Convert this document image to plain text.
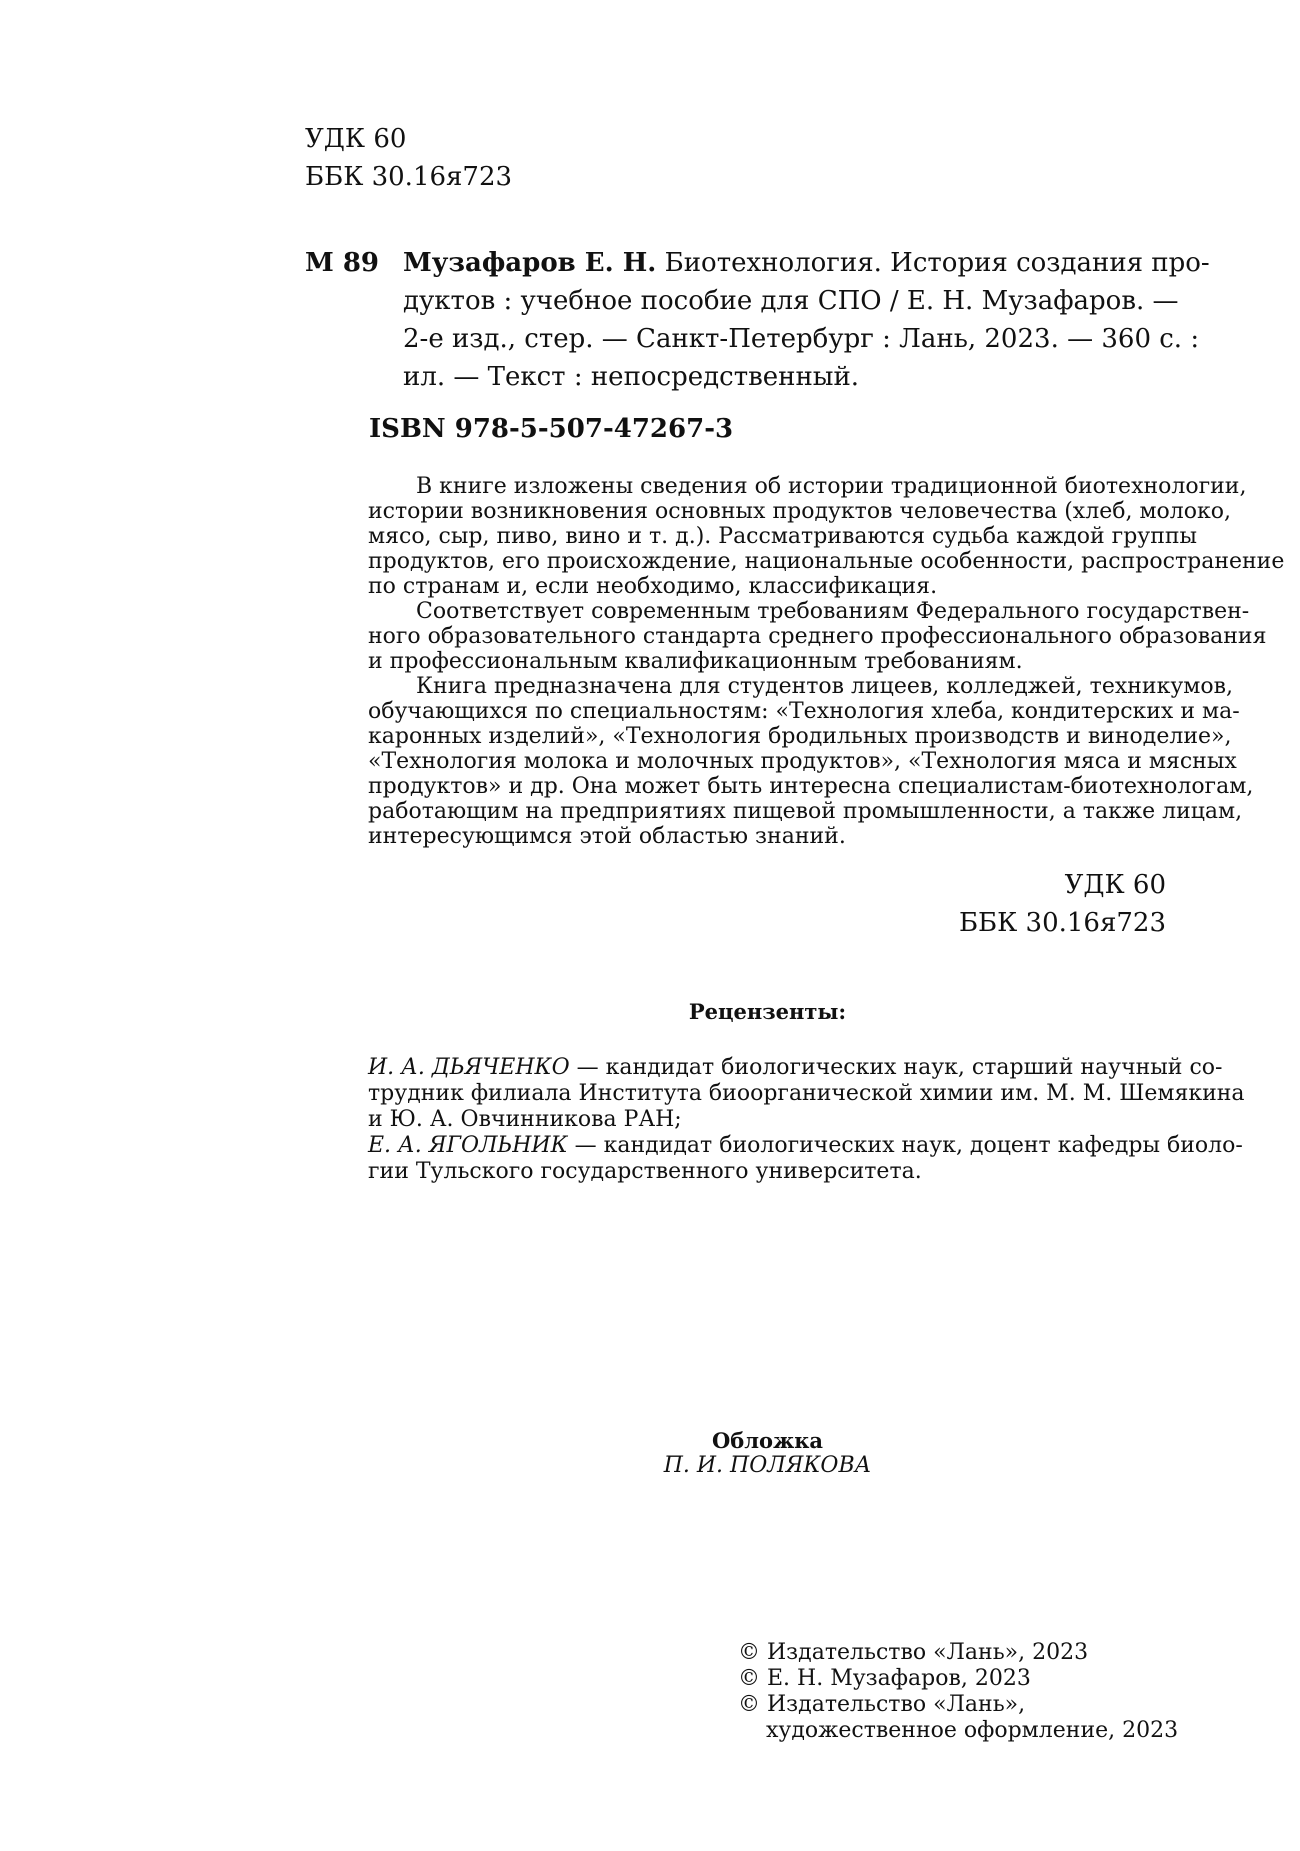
УДК 60
ББК 30.16я723
М 89 Музафаров Е. Н. Биотехнология. История создания про-
дуктов : учебное пособие для СПО / Е. Н. Музафаров. —
2-е изд., стер. — Санкт-Петербург : Лань, 2023. — 360 с. :
ил. — Текст : непосредственный.
ISBN 978-5-507-47267-3
В книге изложены сведения об истории традиционной биотехнологии,
истории возникновения основных продуктов человечества (хлеб, молоко,
мясо, сыр, пиво, вино и т. д.). Рассматриваются судьба каждой группы
продуктов, его происхождение, национальные особенности, распространение
по странам и, если необходимо, классификация.
Соответствует современным требованиям Федерального государствен-
ного образовательного стандарта среднего профессионального образования
и профессиональным квалификационным требованиям.
Книга предназначена для студентов лицеев, колледжей, техникумов,
обучающихся по специальностям: «Технология хлеба, кондитерских и ма-
каронных изделий», «Технология бродильных производств и виноделие»,
«Технология молока и молочных продуктов», «Технология мяса и мясных
продуктов» и др. Она может быть интересна специалистам-биотехнологам,
работающим на предприятиях пищевой промышленности, а также лицам,
интересующимся этой областью знаний.
УДК 60
ББК 30.16я723
Рецензенты:
И. А. ДЬЯЧЕНКО — кандидат биологических наук, старший научный со-
трудник филиала Института биоорганической химии им. М. М. Шемякина
и Ю. А. Овчинникова РАН;
Е. А. ЯГОЛЬНИК — кандидат биологических наук, доцент кафедры биоло-
гии Тульского государственного университета.
Обложка
П. И. ПОЛЯКОВА
© Издательство «Лань», 2023
© Е. Н. Музафаров, 2023
© Издательство «Лань»,
художественное оформление, 2023
